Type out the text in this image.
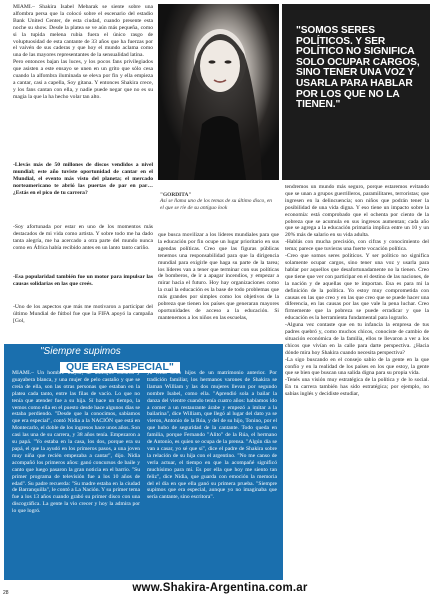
MIAMI.– Shakira Isabel Mebarak se siente sobre una alfombra persa que la colocó sobre el escenario del estadio Bank United Center, de esta ciudad, cuando presente esta noche su show. Desde la platea se ve aún más pequeña, como si la tupida melena rubia fuera el único rasgo de voluptuosidad de esta cantante de 33 años que ha fuerzas por el vaivén de sus caderas y que hoy el mundo aclama como una de las mayores representantes de la sensualidad latina.
Pero entonces bajan las luces, y los pocos fans privilegiados que asisten a este ensayo se unen en un grito que sólo cesa cuando la alfombra iluminada se eleva por fin y ella empieza a cantar, casi a capella, Soy gitana. Y entonces Shakira crece, y los fans cantan con ella, y nadie puede negar que no es su magia la que la ha hecho volar tan alto.
-Llevás más de 50 millones de discos vendidos a nivel mundial; este año tuviste oportunidad de cantar en el Mundial, el evento más visto del planeta; el mercado norteamericano te abrió las puertas de par en par… ¿Estás en el pico de tu carrera?
-Soy afortunada por estar en uno de los momentos más destacados de mi vida como artista. Y sobre todo me ha dado tanta alegría, me ha acercado a otra parte del mundo nunca como en África había recibido antes en un lanto tanto cariño.
-Esa popularidad también fue un motor para impulsar las causas solidarias en las que creés.
-Uno de los aspectos que más me motivaron a participar del último Mundial de fútbol fue que la FIFA apoyó la campaña [Gol,

"GORDITA"
Así se llama uno de los temas de su último disco, en el que se ríe de su antiguo look

que busca movilizar a los líderes mundiales para que la educación por fin ocupe un lugar prioritario en sus agendas políticas. Creo que las figuras públicas tenemos una responsabilidad para que la dirigencia mundial para exigirle que haga su parte de la tarea; los líderes van a tener que terminar con sus políticas de bomberos, de ir a apagar incendios, y empezar a mirar hacia el futuro. Hoy hay organizaciones como la cual la educación es la base de todo problemas que más grandes por simples como los objetivos de la pobreza que tienen los países que generaran mayores oportunidades de acceso a la educación. Si mantenemos a los niños en las escuelas,
"SOMOS SERES POLÍTICOS. Y SER POLÍTICO NO SIGNIFICA SOLO OCUPAR CARGOS, SINO TENER UNA VOZ Y USARLA PARA HABLAR POR LOS QUE NO LA TIENEN."
tendremos un mundo más seguro, porque estaremos evitando que se unan a grupos guerrilleros, paramilitares, terroristas; que ingresen en la delincuencia; son niños que podrán tener la posibilidad de una vida digna. Y eso tiene un impacto sobre la economía: está comprobado que el ochenta por ciento de la pobreza que se acumula en sus ingresos aumentan; cada año que se agrega a la educación primaria implica entre un 10 y un 20% más de salario en su vida adulta.
-Hablás con mucha precisión, con cifras y conocimiento del tema; parece que tuvieras una fuerte vocación política.
-Creo que somos seres políticos. Y ser político no significa solamente ocupar cargos, sino tener una voz y usarla para hablar por aquellos que desafortunadamente no la tienen. Creo que tiene que ver con participar en el destino de las naciones, de la nación y de aquellas que te importan. Esa es para mí la definición de la política. Yo estoy muy comprometida con causas en las que creo y en las que creo que se puede hacer una diferencia, en las causas por las que vale la pena luchar. Creo firmemente que la pobreza se puede erradicar y que la educación es la herramienta fundamental para lograrlo.
-Alguna vez contaste que en tu infancia la empresa de tus padres quebró y, como muchos chicos, conociste de cambio de situación económica de la familia, ellos te llevaron a ver a los chicos que vivían en la calle para darte perspectiva. ¿Hacia dónde mira hoy Shakira cuando necesita perspectiva?
-La sigo buscando en el consejo sabio de la gente en la que confío y en la realidad de los países en los que estoy, la gente que se bien que buscan una salida digna para su propia vida.
-Tenés una visión muy estratégica de la política y de lo social. En tu carrera también has sido estratégica; por ejemplo, no sabías inglés y decidiste estudiar,
"Siempre supimos
QUE ERA ESPECIAL"
MIAMI.– Un hombre mayor, de anteojos oscuros y guayabera blanca, y una mujer de pelo castaño y que se creía de ella, son las otras personas que estaban en la platea cada tanto, entre las filas de vacío. Lo que no tenía que atender fue a su hija. Sí hace un tiempo, la vemos como ella en el puesto desde hace algunos días se estaba perdiendo. "Desde que la conocimos, sabíamos que era especial", contó Nidia a la NACIÓN que está en Montecarlo, el doble de los ingresos hace unos años. Son casi las una de su carrera, y 38 años tenía. Empezaron a su papá. "Yo estaba en la casa, los dos, porque era su papá, el que la ayudó en los primeros pasos, a una joven muy niña que recién empezaba a cantar", dijo. Nidia acompañó los primeros años: ganó concursos de baile y canto que luego pasaron la gran noticia en el barrio. "Su primer programa de televisión fue a los 10 años de edad". Su padre recuerda: "Su madre estaba en la ciudad de Barranquilla", le contó a La Nación. Y su primer tema fue a los 13 años cuando grabó su primer disco con una discográfica. La gente la vio crecer y hoy la admira por lo que logró.
ya tenía ocho hijos de un matrimonio anterior. Por tradición familiar, los hermanos varones de Shakira se llaman William y las dos mujeres llevan por segundo nombre Isabel, como ella. "Aprendió sola a bailar la danza del vientre cuando tenía cuatro años: habíamos ido a comer a un restaurante árabe y empezó a imitar a la bailarina", dice William, que llegó al lugar del dato ya se vieron, Antonio de la Rúa, y del de su hijo, Tonino, por el que hubo de seguridad de la cantante. Todo queda en familia, porque Fernando "Alito" de la Rúa, el hermano de Antonio, es quien se ocupa de la prensa. "Algún día se van a casar, yo sé que sí", dice el padre de Shakira sobre la relación de su hija con el argentino. "No me canso de verla actuar, el tiempo en que la acompañé significó muchísimo para mí. Es por ella que hoy me siento tan feliz", dice Nidia, que guarda con emoción la memoria del el día en que ella ganó su primera prueba. "Siempre supimos que era especial, aunque yo no imaginaba que sería cantante, sino escritora".
28	www.Shakira-Argentina.com.ar
